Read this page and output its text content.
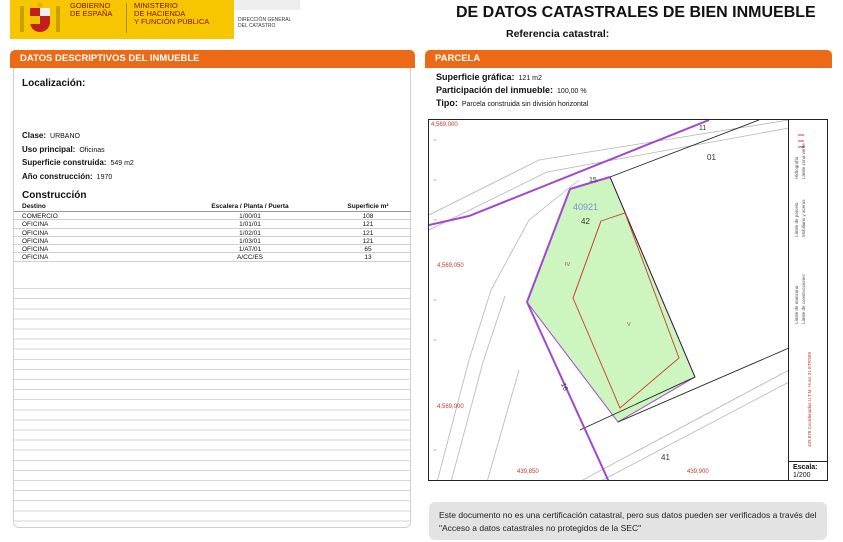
GOBIERNO
DE ESPAÑA
MINISTERIO
DE HACIENDA
Y FUNCIÓN PÚBLICA	DIRECCIÓN GENERAL
DEL CATASTRO
DE DATOS CATASTRALES DE BIEN INMUEBLE
Referencia catastral:
DATOS DESCRIPTIVOS DEL INMUEBLE
Localización:
Clase: URBANO
Uso principal: Oficinas
Superficie construida: 549 m2
Año construcción: 1970
Construcción
Destino	Escalera / Planta / Puerta	Superficie m²
COMERCIO	1/00/01	108
OFICINA	1/01/01	121
OFICINA	1/02/01	121
OFICINA	1/03/01	121
OFICINA	1/AT/01	65
OFICINA	A/CC/ES	13
PARCELA
Superficie gráfica: 121 m2
Participación del inmueble: 100,00 %
Tipo: Parcela construida sin división horizontal
11
15
16
40921
42
01
41
IV
V
4,569,000
4,569,050
4,569,000
439,850	439,900
Límite de manzana Límite de construcciones
Límite de parcela Mobiliario y aceras
Hidrografía Límite zona verde
439,878 Coordenadas U.T.M. Huso 31 ETRS89
Escala:
1/200
Este documento no es una certificación catastral, pero sus datos pueden ser verificados a través del "Acceso a datos catastrales no protegidos de la SEC"
